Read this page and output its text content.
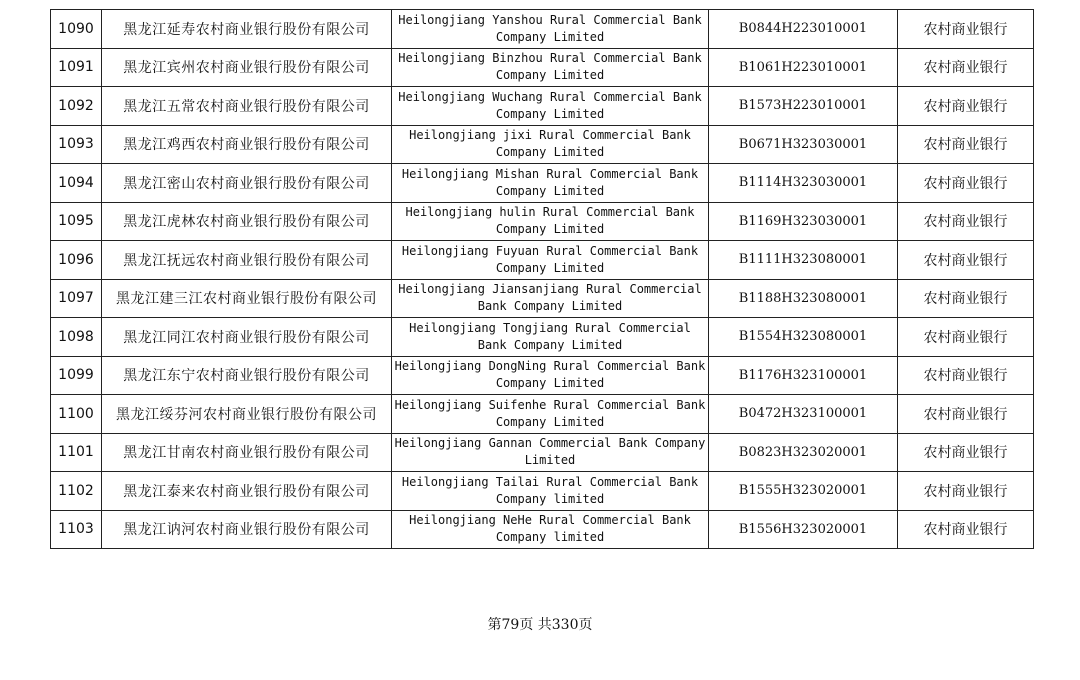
1090	黑龙江延寿农村商业银行股份有限公司	Heilongjiang Yanshou Rural Commercial Bank Company Limited	B0844H223010001	农村商业银行
1091	黑龙江宾州农村商业银行股份有限公司	Heilongjiang Binzhou Rural Commercial Bank Company Limited	B1061H223010001	农村商业银行
1092	黑龙江五常农村商业银行股份有限公司	Heilongjiang Wuchang Rural Commercial Bank Company Limited	B1573H223010001	农村商业银行
1093	黑龙江鸡西农村商业银行股份有限公司	Heilongjiang jixi Rural Commercial Bank Company Limited	B0671H323030001	农村商业银行
1094	黑龙江密山农村商业银行股份有限公司	Heilongjiang Mishan Rural Commercial Bank Company Limited	B1114H323030001	农村商业银行
1095	黑龙江虎林农村商业银行股份有限公司	Heilongjiang hulin Rural Commercial Bank Company Limited	B1169H323030001	农村商业银行
1096	黑龙江抚远农村商业银行股份有限公司	Heilongjiang Fuyuan Rural Commercial Bank Company Limited	B1111H323080001	农村商业银行
1097	黑龙江建三江农村商业银行股份有限公司	Heilongjiang Jiansanjiang Rural Commercial Bank Company Limited	B1188H323080001	农村商业银行
1098	黑龙江同江农村商业银行股份有限公司	Heilongjiang Tongjiang Rural Commercial Bank Company Limited	B1554H323080001	农村商业银行
1099	黑龙江东宁农村商业银行股份有限公司	Heilongjiang DongNing Rural Commercial Bank Company Limited	B1176H323100001	农村商业银行
1100	黑龙江绥芬河农村商业银行股份有限公司	Heilongjiang Suifenhe Rural Commercial Bank Company Limited	B0472H323100001	农村商业银行
1101	黑龙江甘南农村商业银行股份有限公司	Heilongjiang Gannan Commercial Bank Company Limited	B0823H323020001	农村商业银行
1102	黑龙江泰来农村商业银行股份有限公司	Heilongjiang Tailai Rural Commercial Bank Company limited	B1555H323020001	农村商业银行
1103	黑龙江讷河农村商业银行股份有限公司	Heilongjiang NeHe Rural Commercial Bank Company limited	B1556H323020001	农村商业银行
第79页 共330页
